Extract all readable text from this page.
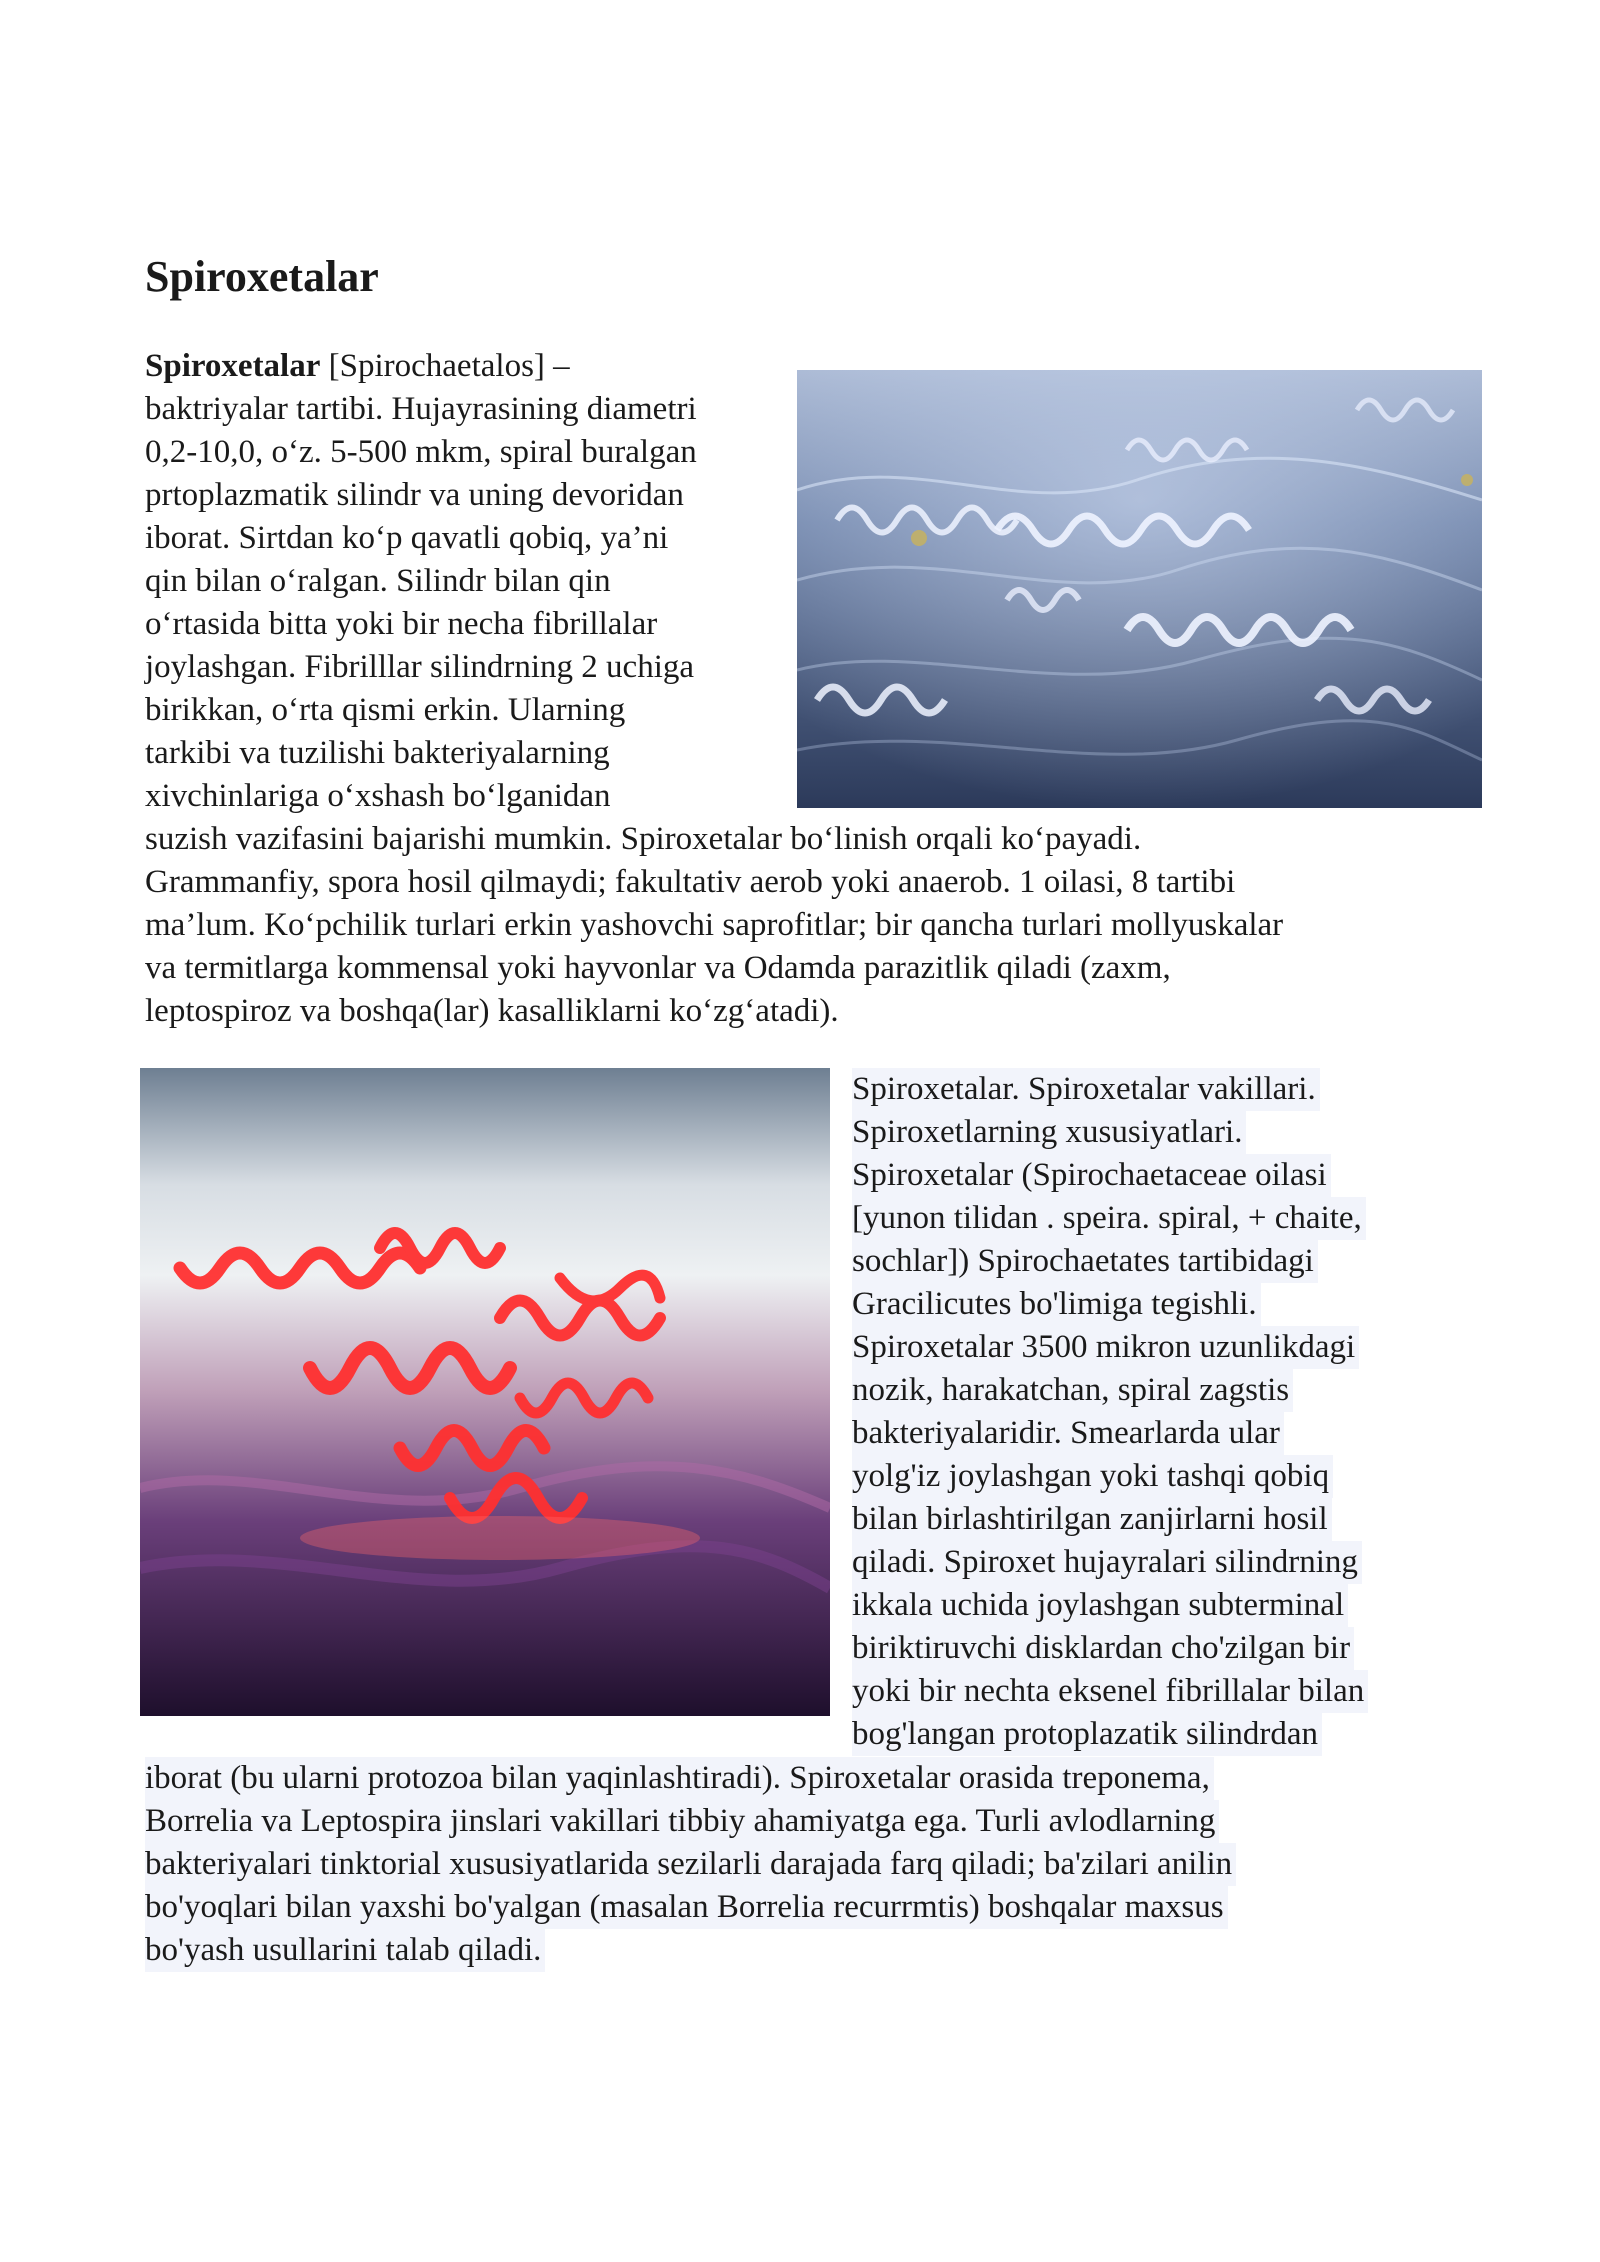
Spiroxetalar
Spiroxetalar [Spirochaetalos] –
baktriyalar tartibi. Hujayrasining diametri
0,2-10,0, o‘z. 5-500 mkm, spiral buralgan
prtoplazmatik silindr va uning devoridan
iborat. Sirtdan ko‘p qavatli qobiq, ya’ni
qin bilan o‘ralgan. Silindr bilan qin
o‘rtasida bitta yoki bir necha fibrillalar
joylashgan. Fibrilllar silindrning 2 uchiga
birikkan, o‘rta qismi erkin. Ularning
tarkibi va tuzilishi bakteriyalarning
xivchinlariga o‘xshash bo‘lganidan
suzish vazifasini bajarishi mumkin. Spiroxetalar bo‘linish orqali ko‘payadi.
Grammanfiy, spora hosil qilmaydi; fakultativ aerob yoki anaerob. 1 oilasi, 8 tartibi
ma’lum. Ko‘pchilik turlari erkin yashovchi saprofitlar; bir qancha turlari mollyuskalar
va termitlarga kommensal yoki hayvonlar va Odamda parazitlik qiladi (zaxm,
leptospiroz va boshqa(lar) kasalliklarni ko‘zg‘atadi).
Spiroxetalar. Spiroxetalar vakillari.
Spiroxetlarning xususiyatlari.
Spiroxetalar (Spirochaetaceae oilasi
[yunon tilidan . speira. spiral, + chaite,
sochlar]) Spirochaetates tartibidagi
Gracilicutes bo'limiga tegishli.
Spiroxetalar 3500 mikron uzunlikdagi
nozik, harakatchan, spiral zagstis
bakteriyalaridir. Smearlarda ular
yolg'iz joylashgan yoki tashqi qobiq
bilan birlashtirilgan zanjirlarni hosil
qiladi. Spiroxet hujayralari silindrning
ikkala uchida joylashgan subterminal
biriktiruvchi disklardan cho'zilgan bir
yoki bir nechta eksenel fibrillalar bilan
bog'langan protoplazatik silindrdan
iborat (bu ularni protozoa bilan yaqinlashtiradi). Spiroxetalar orasida treponema,
Borrelia va Leptospira jinslari vakillari tibbiy ahamiyatga ega. Turli avlodlarning
bakteriyalari tinktorial xususiyatlarida sezilarli darajada farq qiladi; ba'zilari anilin
bo'yoqlari bilan yaxshi bo'yalgan (masalan Borrelia recurrmtis) boshqalar maxsus
bo'yash usullarini talab qiladi.
